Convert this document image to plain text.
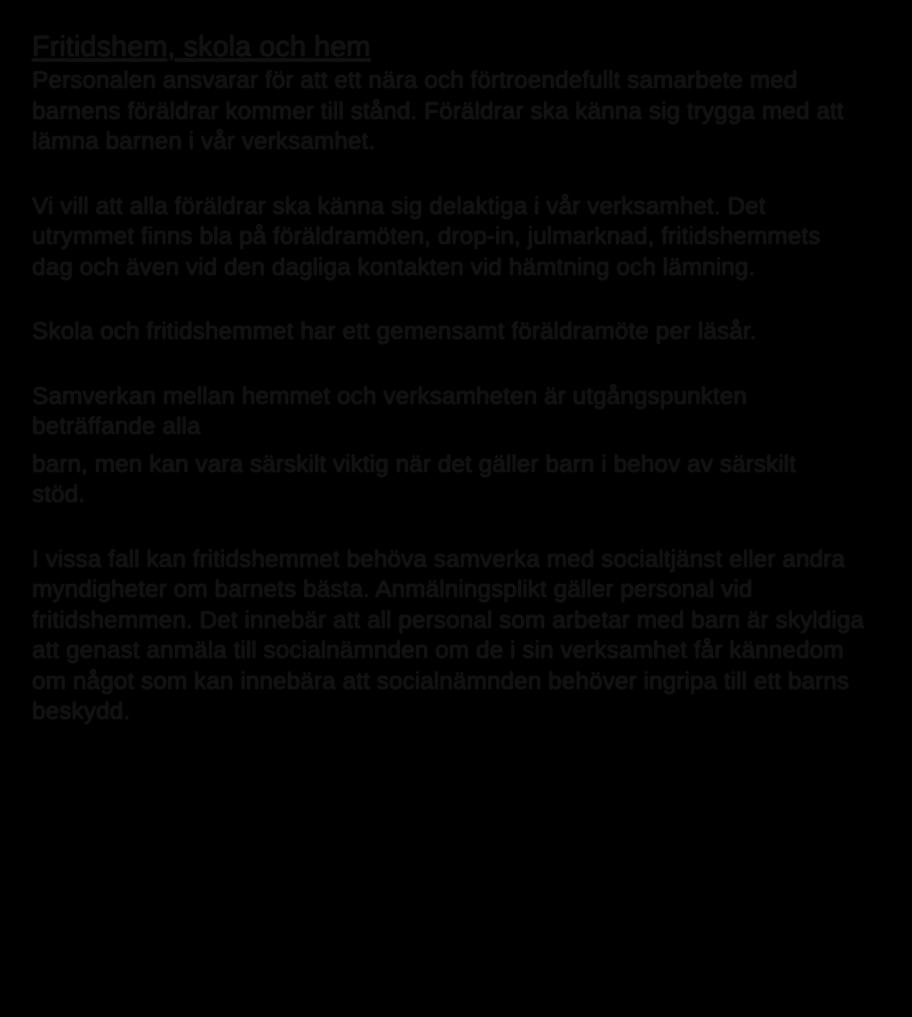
Fritidshem, skola och hem

Personalen ansvarar för att ett nära och förtroendefullt samarbete med barnens föräldrar kommer till stånd. Föräldrar ska känna sig trygga med att lämna barnen i vår verksamhet.

Vi vill att alla föräldrar ska känna sig delaktiga i vår verksamhet. Det utrymmet finns bla på föräldramöten, drop-in, julmarknad, fritidshemmets dag och även vid den dagliga kontakten vid hämtning och lämning.

Skola och fritidshemmet har ett gemensamt föräldramöte per läsår.

Samverkan mellan hemmet och verksamheten är utgångspunkten beträffande alla

barn, men kan vara särskilt viktig när det gäller barn i behov av särskilt stöd.

I vissa fall kan fritidshemmet behöva samverka med socialtjänst eller andra myndigheter om barnets bästa. Anmälningsplikt gäller personal vid fritidshemmen. Det innebär att all personal som arbetar med barn är skyldiga att genast anmäla till socialnämnden om de i sin verksamhet får kännedom om något som kan innebära att socialnämnden behöver ingripa till ett barns beskydd.
